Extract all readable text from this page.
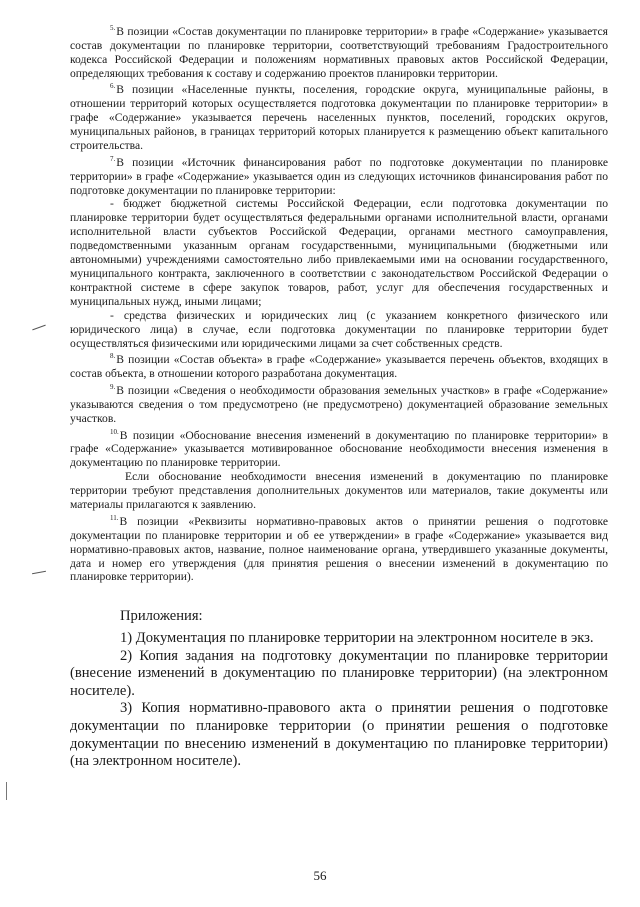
$^{5.}$В позиции «Состав документации по планировке территории» в графе «Содержание» указывается состав документации по планировке территории, соответствующий требованиям Градостроительного кодекса Российской Федерации и положениям нормативных правовых актов Российской Федерации, определяющих требования к составу и содержанию проектов планировки территории.

$^{6.}$В позиции «Населенные пункты, поселения, городские округа, муниципальные районы, в отношении территорий которых осуществляется подготовка документации по планировке территории» в графе «Содержание» указывается перечень населенных пунктов, поселений, городских округов, муниципальных районов, в границах территорий которых планируется к размещению объект капитального строительства.

$^{7.}$В позиции «Источник финансирования работ по подготовке документации по планировке территории» в графе «Содержание» указывается один из следующих источников финансирования работ по подготовке документации по планировке территории:

- бюджет бюджетной системы Российской Федерации, если подготовка документации по планировке территории будет осуществляться федеральными органами исполнительной власти, органами исполнительной власти субъектов Российской Федерации, органами местного самоуправления, подведомственными указанным органам государственными, муниципальными (бюджетными или автономными) учреждениями самостоятельно либо привлекаемыми ими на основании государственного, муниципального контракта, заключенного в соответствии с законодательством Российской Федерации о контрактной системе в сфере закупок товаров, работ, услуг для обеспечения государственных и муниципальных нужд, иными лицами;

- средства физических и юридических лиц (с указанием конкретного физического или юридического лица) в случае, если подготовка документации по планировке территории будет осуществляться физическими или юридическими лицами за счет собственных средств.

$^{8.}$В позиции «Состав объекта» в графе «Содержание» указывается перечень объектов, входящих в состав объекта, в отношении которого разработана документация.

$^{9.}$В позиции «Сведения о необходимости образования земельных участков» в графе «Содержание» указываются сведения о том предусмотрено (не предусмотрено) документацией образование земельных участков.

$^{10.}$В позиции «Обоснование внесения изменений в документацию по планировке территории» в графе «Содержание» указывается мотивированное обоснование необходимости внесения изменения в документацию по планировке территории.

Если обоснование необходимости внесения изменений в документацию по планировке территории требуют представления дополнительных документов или материалов, такие документы или материалы прилагаются к заявлению.

$^{11.}$В позиции «Реквизиты нормативно-правовых актов о принятии решения о подготовке документации по планировке территории и об ее утверждении» в графе «Содержание» указывается вид нормативно-правовых актов, название, полное наименование органа, утвердившего указанные документы, дата и номер его утверждения (для принятия решения о внесении изменений в документацию по планировке территории).

Приложения:

1) Документация по планировке территории на электронном носителе в экз.

2) Копия задания на подготовку документации по планировке территории (внесение изменений в документацию по планировке территории) (на электронном носителе).

3) Копия нормативно-правового акта о принятии решения о подготовке документации по планировке территории (о принятии решения о подготовке документации по внесению изменений в документацию по планировке территории) (на электронном носителе).

56
